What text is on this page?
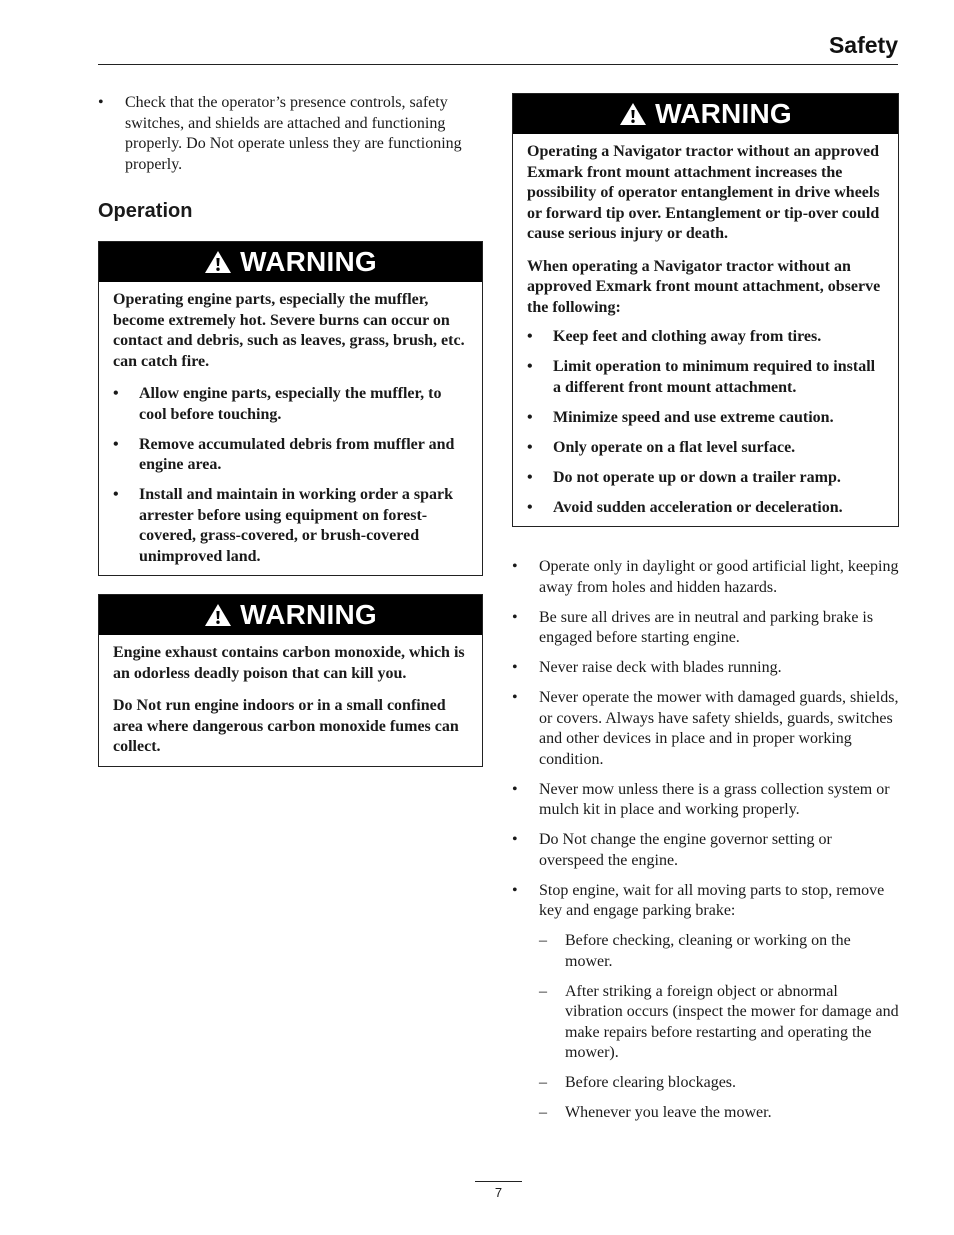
Safety
•	Check that the operator’s presence controls, safety switches, and shields are attached and functioning properly. Do Not operate unless they are functioning properly.
Operation
WARNING

Operating engine parts, especially the muffler, become extremely hot. Severe burns can occur on contact and debris, such as leaves, grass, brush, etc. can catch fire.

• Allow engine parts, especially the muffler, to cool before touching.
• Remove accumulated debris from muffler and engine area.
• Install and maintain in working order a spark arrester before using equipment on forest-covered, grass-covered, or brush-covered unimproved land.
WARNING

Engine exhaust contains carbon monoxide, which is an odorless deadly poison that can kill you.

Do Not run engine indoors or in a small confined area where dangerous carbon monoxide fumes can collect.

WARNING

Operating a Navigator tractor without an approved Exmark front mount attachment increases the possibility of operator entanglement in drive wheels or forward tip over. Entanglement or tip-over could cause serious injury or death.

When operating a Navigator tractor without an approved Exmark front mount attachment, observe the following:

• Keep feet and clothing away from tires.
• Limit operation to minimum required to install a different front mount attachment.
• Minimize speed and use extreme caution.
• Only operate on a flat level surface.
• Do not operate up or down a trailer ramp.
• Avoid sudden acceleration or deceleration.
•	Operate only in daylight or good artificial light, keeping away from holes and hidden hazards.
•	Be sure all drives are in neutral and parking brake is engaged before starting engine.
•	Never raise deck with blades running.
•	Never operate the mower with damaged guards, shields, or covers. Always have safety shields, guards, switches and other devices in place and in proper working condition.
•	Never mow unless there is a grass collection system or mulch kit in place and working properly.
•	Do Not change the engine governor setting or overspeed the engine.
•	Stop engine, wait for all moving parts to stop, remove key and engage parking brake:
– Before checking, cleaning or working on the mower.
– After striking a foreign object or abnormal vibration occurs (inspect the mower for damage and make repairs before restarting and operating the mower).
– Before clearing blockages.
– Whenever you leave the mower.
7
